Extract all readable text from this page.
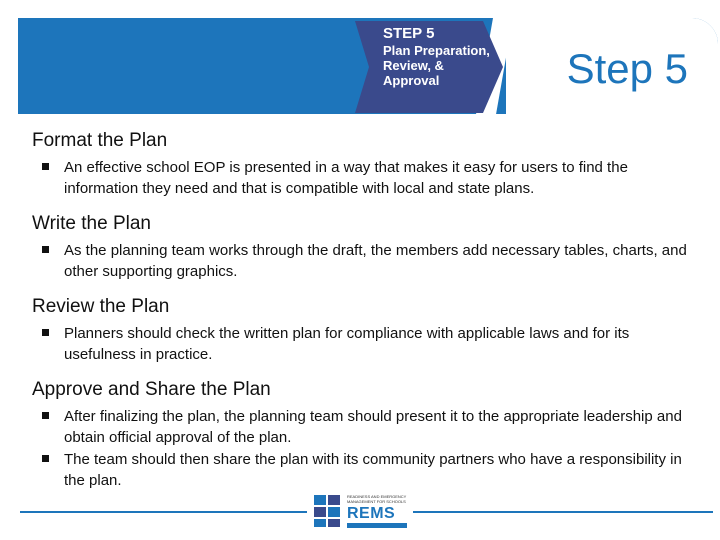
STEP 5
Plan Preparation,
Review, &
Approval	Step 5
Format the Plan
An effective school EOP is presented in a way that makes it easy for users to find the information they need and that is compatible with local and state plans.
Write the Plan
As the planning team works through the draft, the members add necessary tables, charts, and other supporting graphics.
Review the Plan
Planners should check the written plan for compliance with applicable laws and for its usefulness in practice.
Approve and Share the Plan
After finalizing the plan, the planning team should present it to the appropriate leadership and obtain official approval of the plan.
The team should then share the plan with its community partners who have a responsibility in the plan.
READINESS AND EMERGENCY MANAGEMENT FOR SCHOOLS
REMS
